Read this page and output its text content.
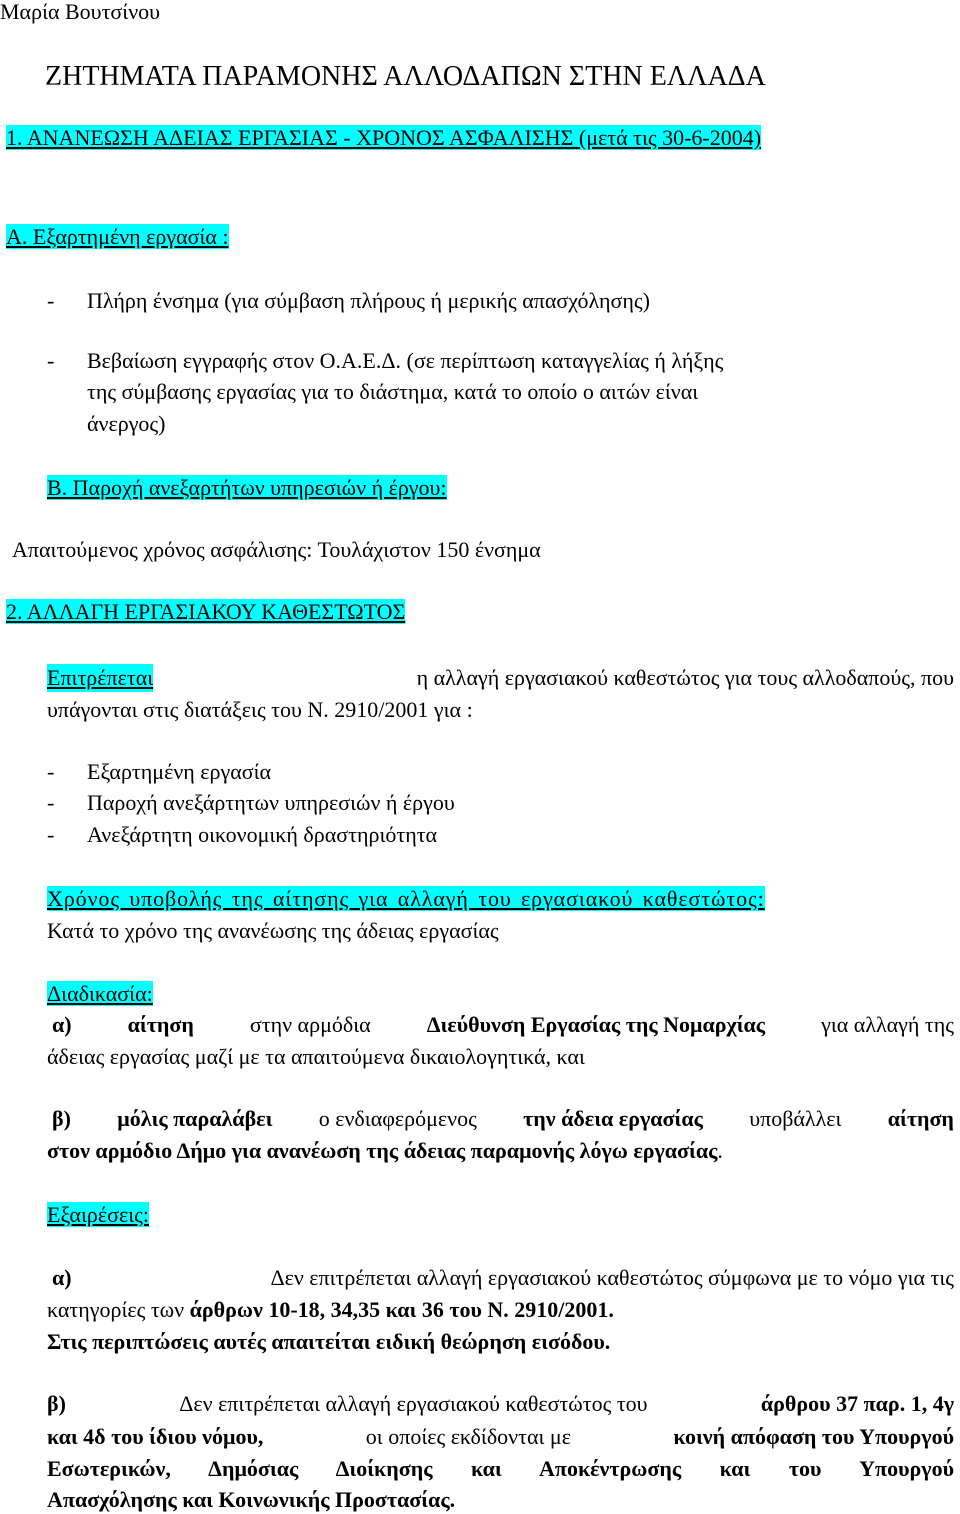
Μαρία Βουτσίνου
ΖΗΤΗΜΑΤΑ ΠΑΡΑΜΟΝΗΣ ΑΛΛΟΔΑΠΩΝ ΣΤΗΝ ΕΛΛΑΔΑ
1. ΑΝΑΝΕΩΣΗ ΑΔΕΙΑΣ ΕΡΓΑΣΙΑΣ - ΧΡΟΝΟΣ ΑΣΦΑΛΙΣΗΣ (μετά τις 30-6-2004)
Α. Εξαρτημένη εργασία :
- Πλήρη ένσημα (για σύμβαση πλήρους ή μερικής απασχόλησης)
-	Βεβαίωση εγγραφής στον Ο.Α.Ε.Δ. (σε περίπτωση καταγγελίας ή λήξης
της σύμβασης εργασίας για το διάστημα, κατά το οποίο ο αιτών είναι
άνεργος)
Β. Παροχή ανεξαρτήτων υπηρεσιών ή έργου:
Απαιτούμενος χρόνος ασφάλισης: Τουλάχιστον 150 ένσημα
2. ΑΛΛΑΓΗ ΕΡΓΑΣΙΑΚΟΥ ΚΑΘΕΣΤΩΤΟΣ
Επιτρέπεται	η αλλαγή εργασιακού καθεστώτος για τους αλλοδαπούς, που
υπάγονται στις διατάξεις του Ν. 2910/2001 για :
- Εξαρτημένη εργασία
- Παροχή ανεξάρτητων υπηρεσιών ή έργου
- Ανεξάρτητη οικονομική δραστηριότητα
Χρόνος υποβολής της αίτησης για αλλαγή του εργασιακού καθεστώτος:
Κατά το χρόνο της ανανέωσης της άδειας εργασίας
Διαδικασία:
α)	αίτηση	στην αρμόδια	Διεύθυνση Εργασίας της Νομαρχίας	για αλλαγή της
άδειας εργασίας μαζί με τα απαιτούμενα δικαιολογητικά, και
β) μόλις παραλάβει ο ενδιαφερόμενος την άδεια εργασίας υποβάλλει αίτηση
στον αρμόδιο Δήμο για ανανέωση της άδειας παραμονής λόγω εργασίας.
Εξαιρέσεις:
α)	Δεν επιτρέπεται αλλαγή εργασιακού καθεστώτος σύμφωνα με το νόμο για τις
κατηγορίες των άρθρων 10-18, 34,35 και 36 του Ν. 2910/2001.
Στις περιπτώσεις αυτές απαιτείται ειδική θεώρηση εισόδου.
β)	Δεν επιτρέπεται αλλαγή εργασιακού καθεστώτος του	άρθρου 37 παρ. 1, 4γ
και 4δ του ίδιου νόμου,	οι οποίες εκδίδονται με	κοινή απόφαση του Υπουργού
Εσωτερικών, Δημόσιας Διοίκησης και Αποκέντρωσης και του Υπουργού
Απασχόλησης και Κοινωνικής Προστασίας.
